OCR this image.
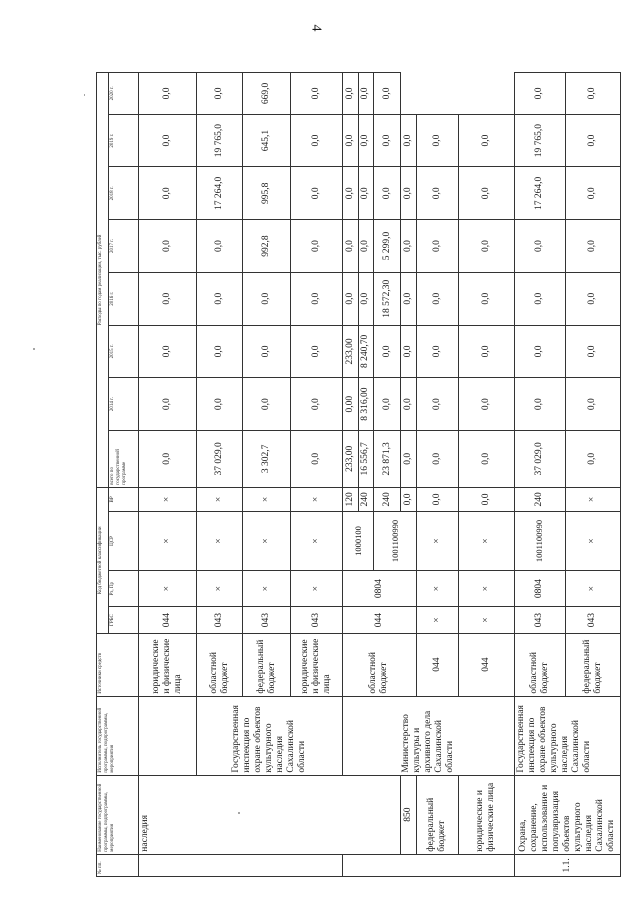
4
№ пп.	Наименование государственной программы, подпрограммы, мероприятия	Исполнитель государственной программы, подпрограммы, мероприятия	Источники средств	Код бюджетной классификации				Расходы по годам реализации, тыс. рублей							
				ГРБС	Рз, Пр	ЦСР	ВР	всего по государственной программе	2014 г.	2015 г.	2016 г.	2017 г.	2018 г.	2019 г.	2020 г.
	наследия		юридические и физические лица	044	×	×	×	0,0	0,0	0,0	0,0	0,0	0,0	0,0	0,0
		Государственная инспекция по охране объектов культурного наследия Сахалинской области	областной бюджет	043	×	×	×	37 029,0	0,0	0,0	0,0	0,0	17 264,0	19 765,0	0,0
			федеральный бюджет	043	×	×	×	3 302,7	0,0	0,0	0,0	992,8	995,8	645,1	669,0
			юридические и физические лица	043	×	×	×	0,0	0,0	0,0	0,0	0,0	0,0	0,0	0,0
		Министерство культуры и архивного дела Сахалинской области	областной бюджет	044	0804	1000100	120	233,00	0,00	233,00	0,0	0,0	0,0	0,0	0,0
							240	16 556,7	8 316,00	8 240,70	0,0	0,0	0,0	0,0	0,0
						1001100990	240	23 871,3	0,0	0,0	18 572,30	5 299,0	0,0	0,0	0,0
	850						0,0	0,0	0,0	0,0	0,0	0,0	0,0	0,0	
	федеральный бюджет		044	×	×	×	0,0	0,0	0,0	0,0	0,0	0,0	0,0	0,0	
	юридические и физические лица		044	×	×	×	0,0	0,0	0,0	0,0	0,0	0,0	0,0	0,0	
1.1.	Охрана, сохранение, использование и популяризация объектов культурного наследия Сахалинской области	Государственная инспекция по охране объектов культурного наследия Сахалинской области	областной бюджет	043	0804	1001100990	240	37 029,0	0,0	0,0	0,0	0,0	17 264,0	19 765,0	0,0
			федеральный бюджет	043	×	×	×	0,0	0,0	0,0	0,0	0,0	0,0	0,0	0,0
